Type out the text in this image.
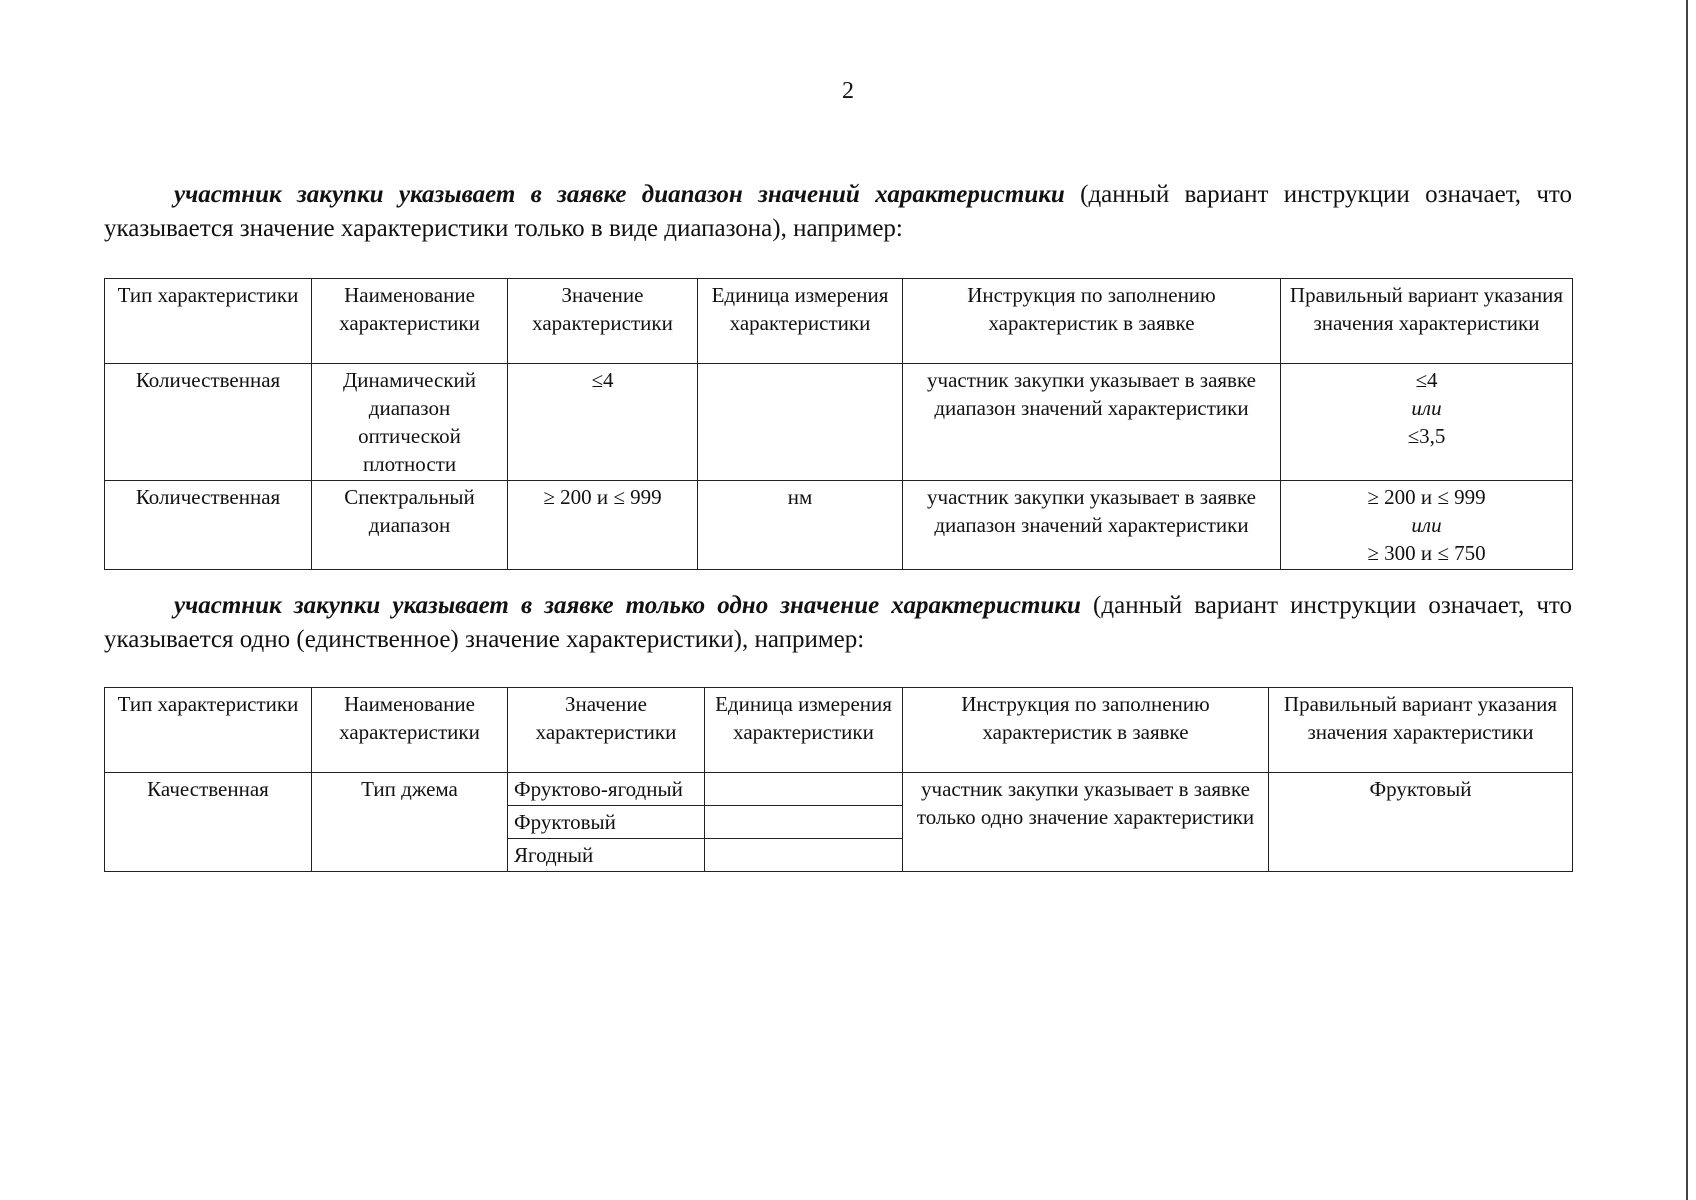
2

участник закупки указывает в заявке диапазон значений характеристики (данный вариант инструкции означает, что указывается значение характеристики только в виде диапазона), например:

Тип характеристики	Наименование характеристики	Значение характеристики	Единица измерения характеристики	Инструкция по заполнению характеристик в заявке	Правильный вариант указания значения характеристики
Количественная	Динамический диапазон оптической плотности	≤4		участник закупки указывает в заявке диапазон значений характеристики	≤4
или
≤3,5

Количественная	Спектральный диапазон	≥ 200 и ≤ 999	нм	участник закупки указывает в заявке диапазон значений характеристики	≥ 200 и ≤ 999
или
≥ 300 и ≤ 750

участник закупки указывает в заявке только одно значение характеристики (данный вариант инструкции означает, что указывается одно (единственное) значение характеристики), например:

Тип характеристики	Наименование характеристики	Значение характеристики	Единица измерения характеристики	Инструкция по заполнению характеристик в заявке	Правильный вариант указания значения характеристики
Качественная	Тип джема	Фруктово-ягодный		участник закупки указывает в заявке только одно значение характеристики	Фруктовый
		Фруктовый			
		Ягодный			
